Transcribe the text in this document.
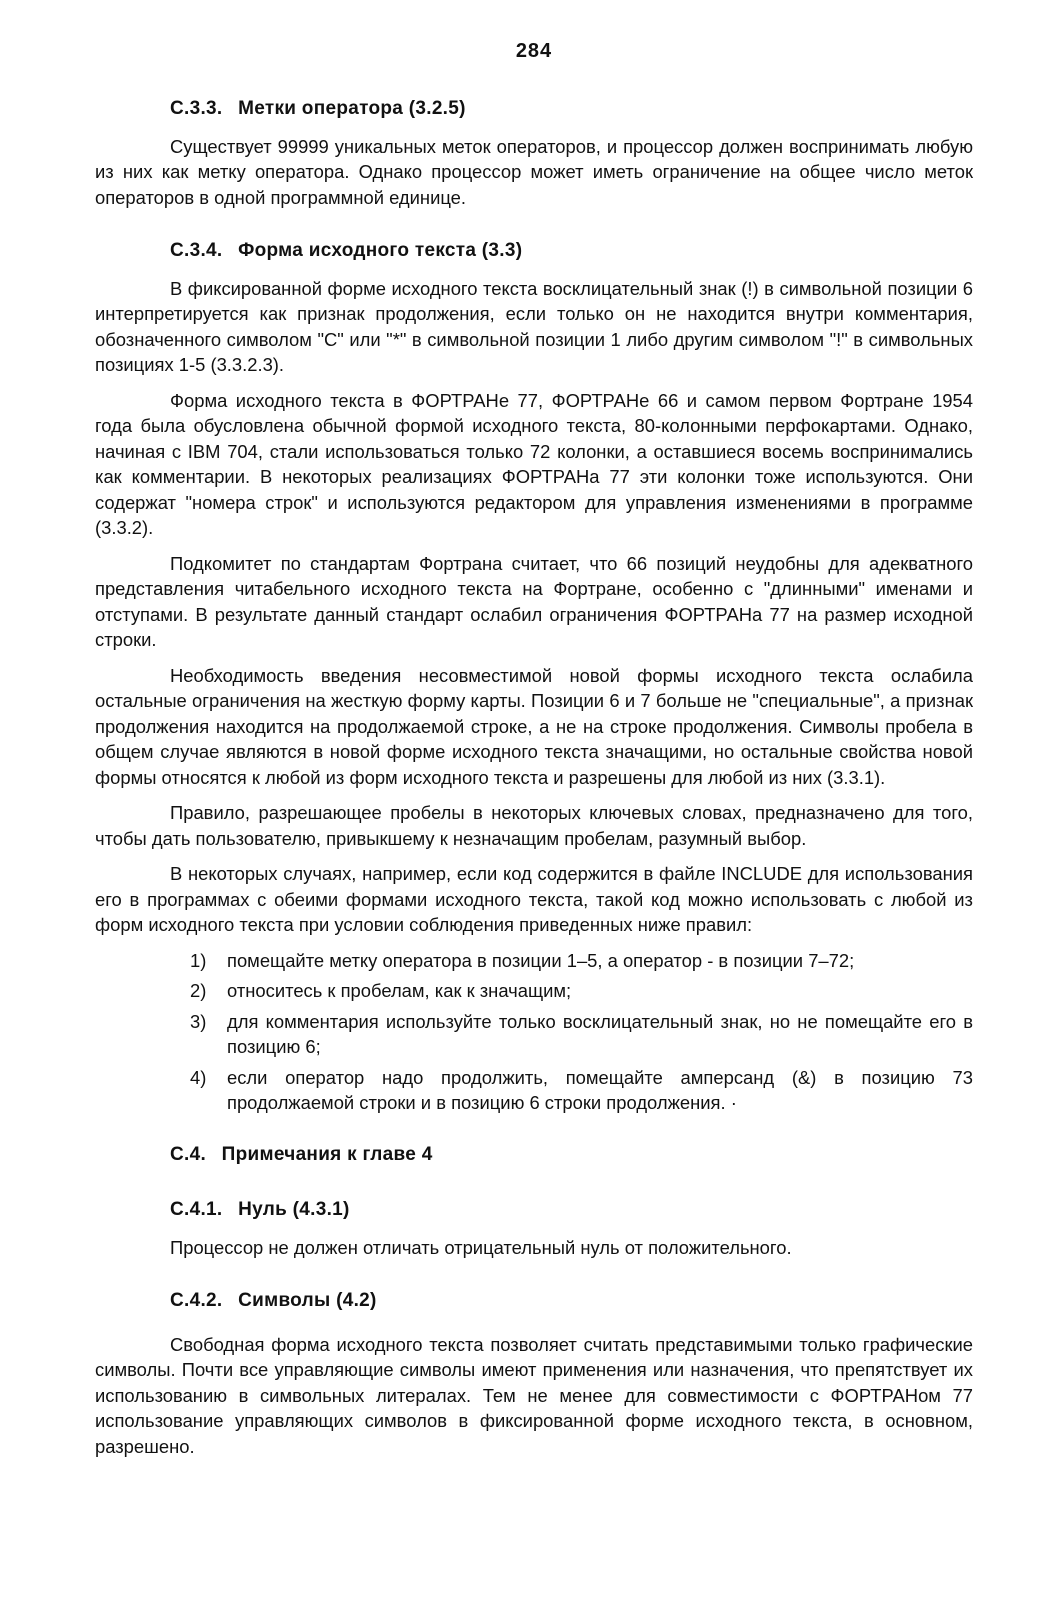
284
C.3.3. Метки оператора (3.2.5)

Существует 99999 уникальных меток операторов, и процессор должен воспринимать любую из них как метку оператора. Однако процессор может иметь ограничение на общее число меток операторов в одной программной единице.

C.3.4. Форма исходного текста (3.3)

В фиксированной форме исходного текста восклицательный знак (!) в символьной позиции 6 интерпретируется как признак продолжения, если только он не находится внутри комментария, обозначенного символом "С" или "*" в символьной позиции 1 либо другим символом "!" в символьных позициях 1-5 (3.3.2.3).

Форма исходного текста в ФОРТРАНе 77, ФОРТРАНе 66 и самом первом Фортране 1954 года была обусловлена обычной формой исходного текста, 80-колонными перфокартами. Однако, начиная с IBM 704, стали использоваться только 72 колонки, а оставшиеся восемь воспринимались как комментарии. В некоторых реализациях ФОРТРАНа 77 эти колонки тоже используются. Они содержат "номера строк" и используются редактором для управления изменениями в программе (3.3.2).

Подкомитет по стандартам Фортрана считает, что 66 позиций неудобны для адекватного представления читабельного исходного текста на Фортране, особенно с "длинными" именами и отступами. В результате данный стандарт ослабил ограничения ФОРТРАНа 77 на размер исходной строки.

Необходимость введения несовместимой новой формы исходного текста ослабила остальные ограничения на жесткую форму карты. Позиции 6 и 7 больше не "специальные", а признак продолжения находится на продолжаемой строке, а не на строке продолжения. Символы пробела в общем случае являются в новой форме исходного текста значащими, но остальные свойства новой формы относятся к любой из форм исходного текста и разрешены для любой из них (3.3.1).

Правило, разрешающее пробелы в некоторых ключевых словах, предназначено для того, чтобы дать пользователю, привыкшему к незначащим пробелам, разумный выбор.

В некоторых случаях, например, если код содержится в файле INCLUDE для использования его в программах с обеими формами исходного текста, такой код можно использовать с любой из форм исходного текста при условии соблюдения приведенных ниже правил:

1) помещайте метку оператора в позиции 1–5, а оператор - в позиции 7–72;
2) относитесь к пробелам, как к значащим;
3) для комментария используйте только восклицательный знак, но не помещайте его в позицию 6;
4) если оператор надо продолжить, помещайте амперсанд (&) в позицию 73 продолжаемой строки и в позицию 6 строки продолжения. ·
C.4. Примечания к главе 4
C.4.1. Нуль (4.3.1)

Процессор не должен отличать отрицательный нуль от положительного.

C.4.2. Символы (4.2)

Свободная форма исходного текста позволяет считать представимыми только графические символы. Почти все управляющие символы имеют применения или назначения, что препятствует их использованию в символьных литералах. Тем не менее для совместимости с ФОРТРАНом 77 использование управляющих символов в фиксированной форме исходного текста, в основном, разрешено.
